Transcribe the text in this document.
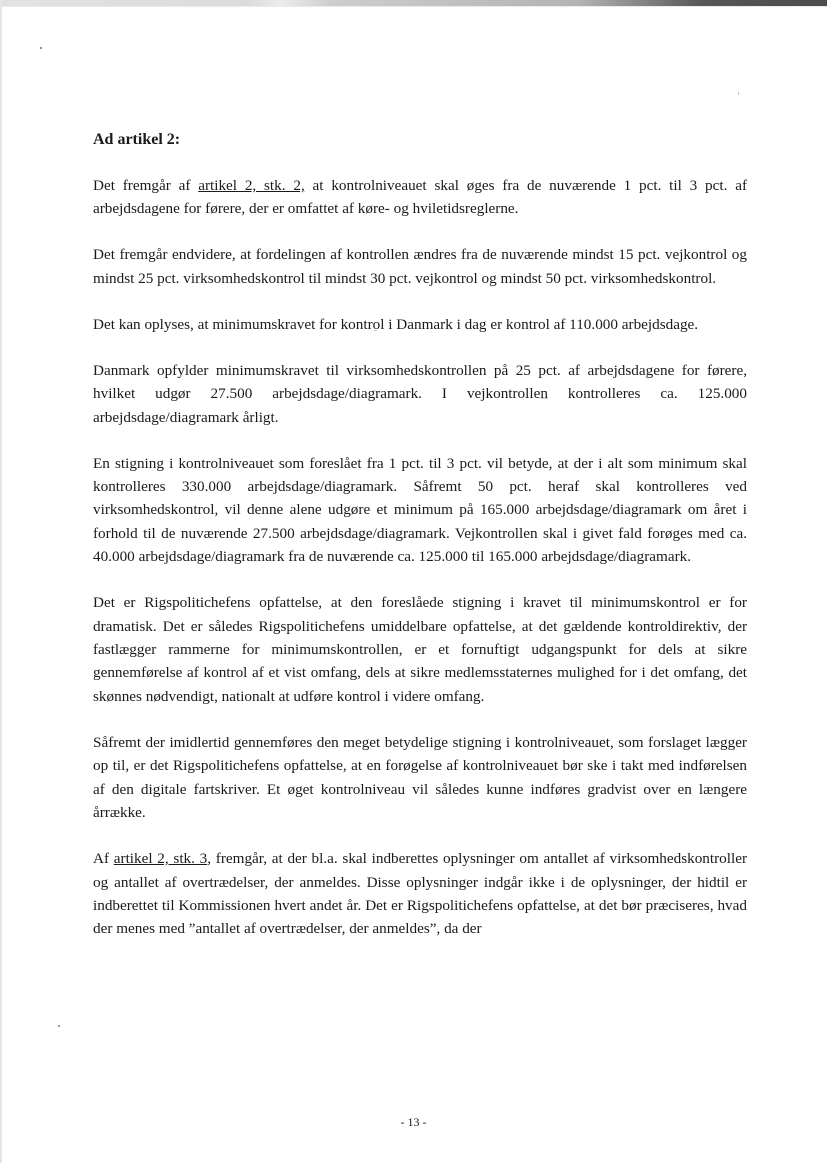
Ad artikel 2:

Det fremgår af artikel 2, stk. 2, at kontrolniveauet skal øges fra de nuværende 1 pct. til 3 pct. af arbejdsdagene for førere, der er omfattet af køre- og hviletidsreglerne.

Det fremgår endvidere, at fordelingen af kontrollen ændres fra de nuværende mindst 15 pct. vejkontrol og mindst 25 pct. virksomhedskontrol til mindst 30 pct. vejkontrol og mindst 50 pct. virksomhedskontrol.

Det kan oplyses, at minimumskravet for kontrol i Danmark i dag er kontrol af 110.000 arbejdsdage.

Danmark opfylder minimumskravet til virksomhedskontrollen på 25 pct. af arbejdsdagene for førere, hvilket udgør 27.500 arbejdsdage/diagramark. I vejkontrollen kontrolleres ca. 125.000 arbejdsdage/diagramark årligt.

En stigning i kontrolniveauet som foreslået fra 1 pct. til 3 pct. vil betyde, at der i alt som minimum skal kontrolleres 330.000 arbejdsdage/diagramark. Såfremt 50 pct. heraf skal kontrolleres ved virksomhedskontrol, vil denne alene udgøre et minimum på 165.000 arbejdsdage/diagramark om året i forhold til de nuværende 27.500 arbejdsdage/diagramark. Vejkontrollen skal i givet fald forøges med ca. 40.000 arbejdsdage/diagramark fra de nuværende ca. 125.000 til 165.000 arbejdsdage/diagramark.

Det er Rigspolitichefens opfattelse, at den foreslåede stigning i kravet til minimumskontrol er for dramatisk. Det er således Rigspolitichefens umiddelbare opfattelse, at det gældende kontroldirektiv, der fastlægger rammerne for minimumskontrollen, er et fornuftigt udgangspunkt for dels at sikre gennemførelse af kontrol af et vist omfang, dels at sikre medlemsstaternes mulighed for i det omfang, det skønnes nødvendigt, nationalt at udføre kontrol i videre omfang.

Såfremt der imidlertid gennemføres den meget betydelige stigning i kontrolniveauet, som forslaget lægger op til, er det Rigspolitichefens opfattelse, at en forøgelse af kontrolniveauet bør ske i takt med indførelsen af den digitale fartskriver. Et øget kontrolniveau vil således kunne indføres gradvist over en længere årrække.

Af artikel 2, stk. 3, fremgår, at der bl.a. skal indberettes oplysninger om antallet af virksomhedskontroller og antallet af overtrædelser, der anmeldes. Disse oplysninger indgår ikke i de oplysninger, der hidtil er indberettet til Kommissionen hvert andet år. Det er Rigspolitichefens opfattelse, at det bør præciseres, hvad der menes med ”antallet af overtrædelser, der anmeldes”, da der

- 13 -
